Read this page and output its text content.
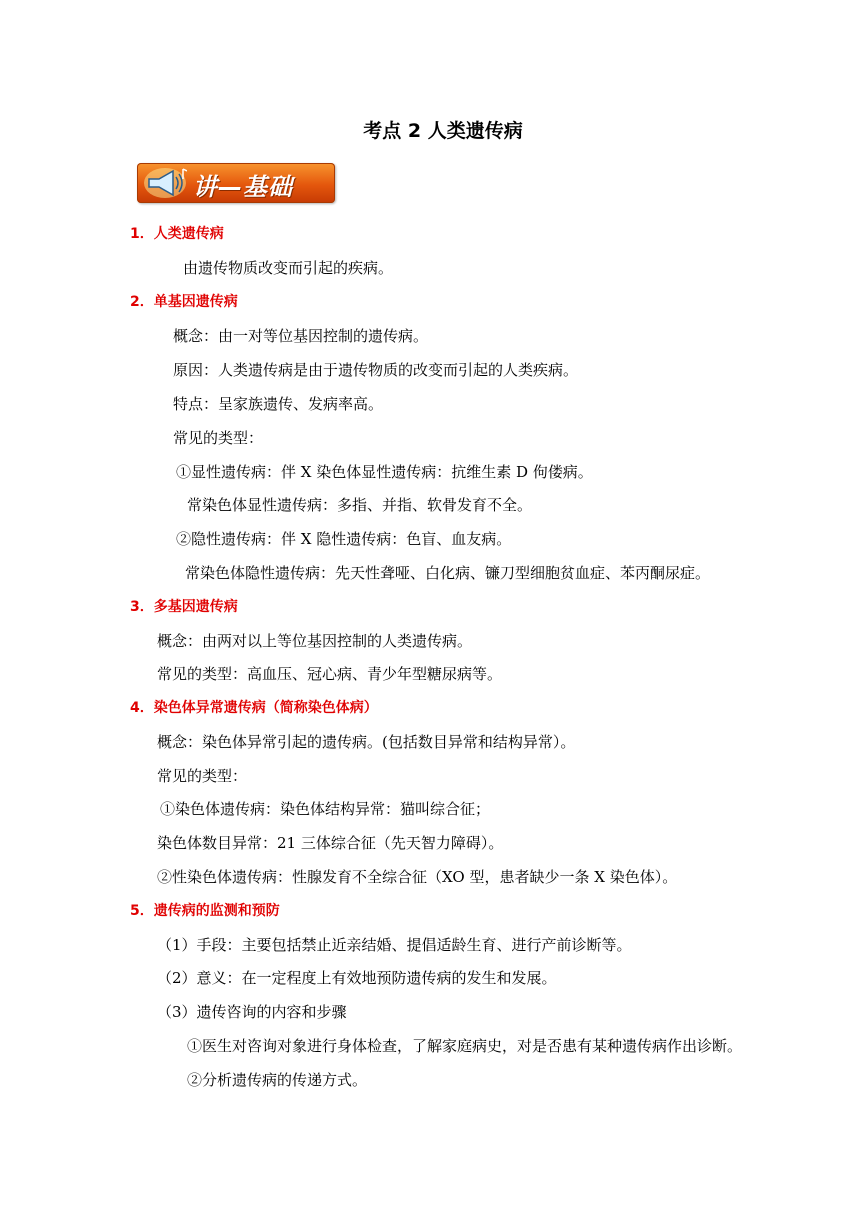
考点 2 人类遗传病
讲—基础
1．人类遗传病
由遗传物质改变而引起的疾病。
2．单基因遗传病
概念：由一对等位基因控制的遗传病。
原因：人类遗传病是由于遗传物质的改变而引起的人类疾病。
特点：呈家族遗传、发病率高。
常见的类型：
①显性遗传病：伴 X 染色体显性遗传病：抗维生素 D 佝偻病。
常染色体显性遗传病：多指、并指、软骨发育不全。
②隐性遗传病：伴 X 隐性遗传病：色盲、血友病。
常染色体隐性遗传病：先天性聋哑、白化病、镰刀型细胞贫血症、苯丙酮尿症。
3．多基因遗传病
概念：由两对以上等位基因控制的人类遗传病。
常见的类型：高血压、冠心病、青少年型糖尿病等。
4．染色体异常遗传病（简称染色体病）
概念：染色体异常引起的遗传病。(包括数目异常和结构异常）。
常见的类型：
①染色体遗传病：染色体结构异常：猫叫综合征；
染色体数目异常：21 三体综合征（先天智力障碍）。
②性染色体遗传病：性腺发育不全综合征（XO 型，患者缺少一条 X 染色体）。
5．遗传病的监测和预防
（1）手段：主要包括禁止近亲结婚、提倡适龄生育、进行产前诊断等。
（2）意义：在一定程度上有效地预防遗传病的发生和发展。
（3）遗传咨询的内容和步骤
①医生对咨询对象进行身体检查，了解家庭病史，对是否患有某种遗传病作出诊断。
②分析遗传病的传递方式。
